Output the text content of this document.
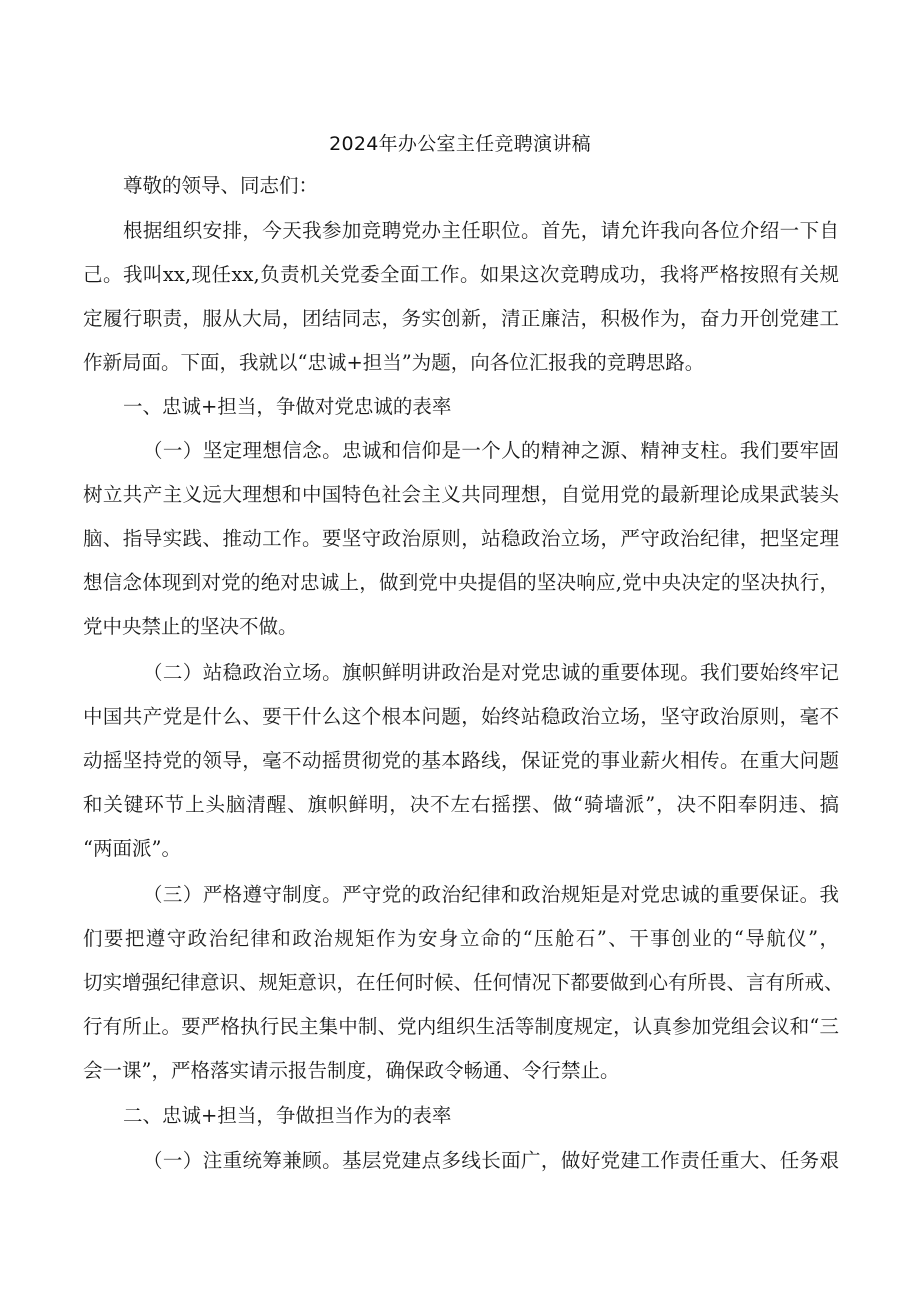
2024年办公室主任竞聘演讲稿
尊敬的领导、同志们：
根据组织安排，今天我参加竞聘党办主任职位。首先，请允许我向各位介绍一下自
己。我叫xx,现任xx,负责机关党委全面工作。如果这次竞聘成功，我将严格按照有关规
定履行职责，服从大局，团结同志，务实创新，清正廉洁，积极作为，奋力开创党建工
作新局面。下面，我就以“忠诚+担当”为题，向各位汇报我的竞聘思路。
一、忠诚+担当，争做对党忠诚的表率
（一）坚定理想信念。忠诚和信仰是一个人的精神之源、精神支柱。我们要牢固
树立共产主义远大理想和中国特色社会主义共同理想，自觉用党的最新理论成果武装头
脑、指导实践、推动工作。要坚守政治原则，站稳政治立场，严守政治纪律，把坚定理
想信念体现到对党的绝对忠诚上，做到党中央提倡的坚决响应,党中央决定的坚决执行，
党中央禁止的坚决不做。
（二）站稳政治立场。旗帜鲜明讲政治是对党忠诚的重要体现。我们要始终牢记
中国共产党是什么、要干什么这个根本问题，始终站稳政治立场，坚守政治原则，毫不
动摇坚持党的领导，毫不动摇贯彻党的基本路线，保证党的事业薪火相传。在重大问题
和关键环节上头脑清醒、旗帜鲜明，决不左右摇摆、做“骑墙派”，决不阳奉阴违、搞
“两面派”。
（三）严格遵守制度。严守党的政治纪律和政治规矩是对党忠诚的重要保证。我
们要把遵守政治纪律和政治规矩作为安身立命的“压舱石”、干事创业的“导航仪”，
切实增强纪律意识、规矩意识，在任何时候、任何情况下都要做到心有所畏、言有所戒、
行有所止。要严格执行民主集中制、党内组织生活等制度规定，认真参加党组会议和“三
会一课”，严格落实请示报告制度，确保政令畅通、令行禁止。
二、忠诚+担当，争做担当作为的表率
（一）注重统筹兼顾。基层党建点多线长面广，做好党建工作责任重大、任务艰
